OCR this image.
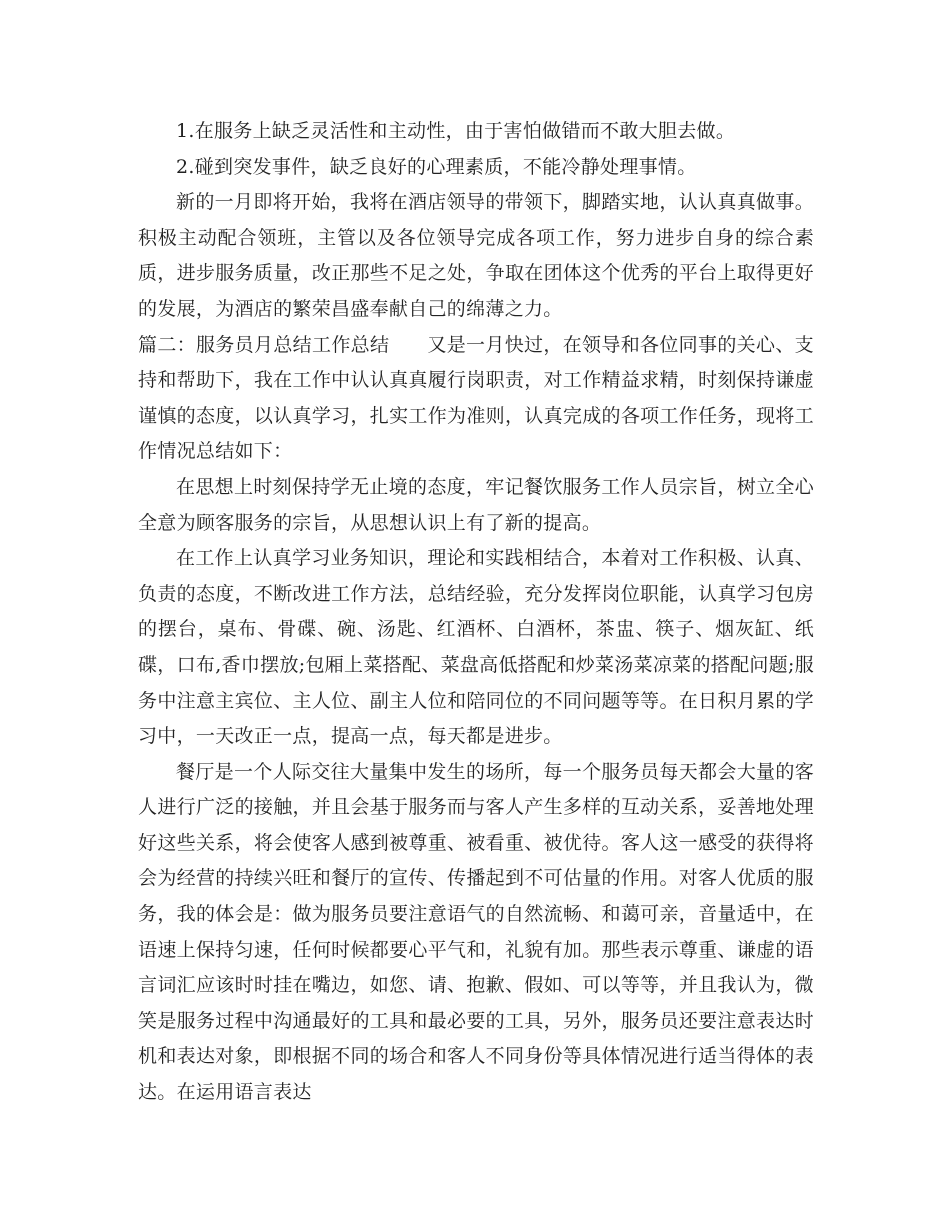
1.在服务上缺乏灵活性和主动性，由于害怕做错而不敢大胆去做。

2.碰到突发事件，缺乏良好的心理素质，不能冷静处理事情。

新的一月即将开始，我将在酒店领导的带领下，脚踏实地，认认真真做事。积极主动配合领班，主管以及各位领导完成各项工作，努力进步自身的综合素质，进步服务质量，改正那些不足之处，争取在团体这个优秀的平台上取得更好的发展，为酒店的繁荣昌盛奉献自己的绵薄之力。

篇二：服务员月总结工作总结 又是一月快过，在领导和各位同事的关心、支持和帮助下，我在工作中认认真真履行岗职责，对工作精益求精，时刻保持谦虚谨慎的态度，以认真学习，扎实工作为准则，认真完成的各项工作任务，现将工作情况总结如下：

在思想上时刻保持学无止境的态度，牢记餐饮服务工作人员宗旨，树立全心全意为顾客服务的宗旨，从思想认识上有了新的提高。

在工作上认真学习业务知识，理论和实践相结合，本着对工作积极、认真、负责的态度，不断改进工作方法，总结经验，充分发挥岗位职能，认真学习包房的摆台，桌布、骨碟、碗、汤匙、红酒杯、白酒杯，茶盅、筷子、烟灰缸、纸碟，口布,香巾摆放;包厢上菜搭配、菜盘高低搭配和炒菜汤菜凉菜的搭配问题;服务中注意主宾位、主人位、副主人位和陪同位的不同问题等等。在日积月累的学习中，一天改正一点，提高一点，每天都是进步。

餐厅是一个人际交往大量集中发生的场所，每一个服务员每天都会大量的客人进行广泛的接触，并且会基于服务而与客人产生多样的互动关系，妥善地处理好这些关系，将会使客人感到被尊重、被看重、被优待。客人这一感受的获得将会为经营的持续兴旺和餐厅的宣传、传播起到不可估量的作用。对客人优质的服务，我的体会是：做为服务员要注意语气的自然流畅、和蔼可亲，音量适中，在语速上保持匀速，任何时候都要心平气和，礼貌有加。那些表示尊重、谦虚的语言词汇应该时时挂在嘴边，如您、请、抱歉、假如、可以等等，并且我认为，微笑是服务过程中沟通最好的工具和最必要的工具，另外，服务员还要注意表达时机和表达对象，即根据不同的场合和客人不同身份等具体情况进行适当得体的表达。在运用语言表达
